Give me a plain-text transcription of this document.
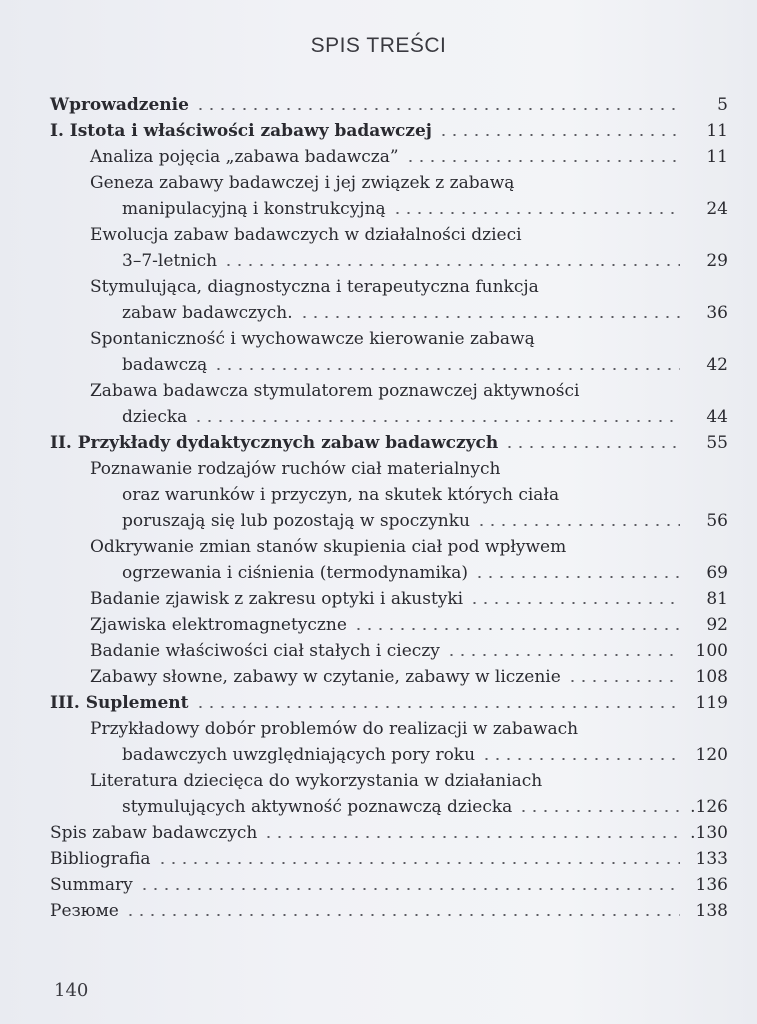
SPIS TREŚCI
Wprowadzenie	5
I. Istota i właściwości zabawy badawczej	11
Analiza pojęcia „zabawa badawcza”	11
Geneza zabawy badawczej i jej związek z zabawą
manipulacyjną i konstrukcyjną	24
Ewolucja zabaw badawczych w działalności dzieci
3–7-letnich	29
Stymulująca, diagnostyczna i terapeutyczna funkcja
zabaw badawczych.	36
Spontaniczność i wychowawcze kierowanie zabawą
badawczą	42
Zabawa badawcza stymulatorem poznawczej aktywności
dziecka	44
II. Przykłady dydaktycznych zabaw badawczych	55
Poznawanie rodzajów ruchów ciał materialnych
oraz warunków i przyczyn, na skutek których ciała
poruszają się lub pozostają w spoczynku	56
Odkrywanie zmian stanów skupienia ciał pod wpływem
ogrzewania i ciśnienia (termodynamika)	69
Badanie zjawisk z zakresu optyki i akustyki	81
Zjawiska elektromagnetyczne	92
Badanie właściwości ciał stałych i cieczy	100
Zabawy słowne, zabawy w czytanie, zabawy w liczenie	108
III. Suplement	119
Przykładowy dobór problemów do realizacji w zabawach
badawczych uwzględniających pory roku	120
Literatura dziecięca do wykorzystania w działaniach
stymulujących aktywność poznawczą dziecka	.126
Spis zabaw badawczych	.130
Bibliografia	133
Summary	136
Резюме	138
140
